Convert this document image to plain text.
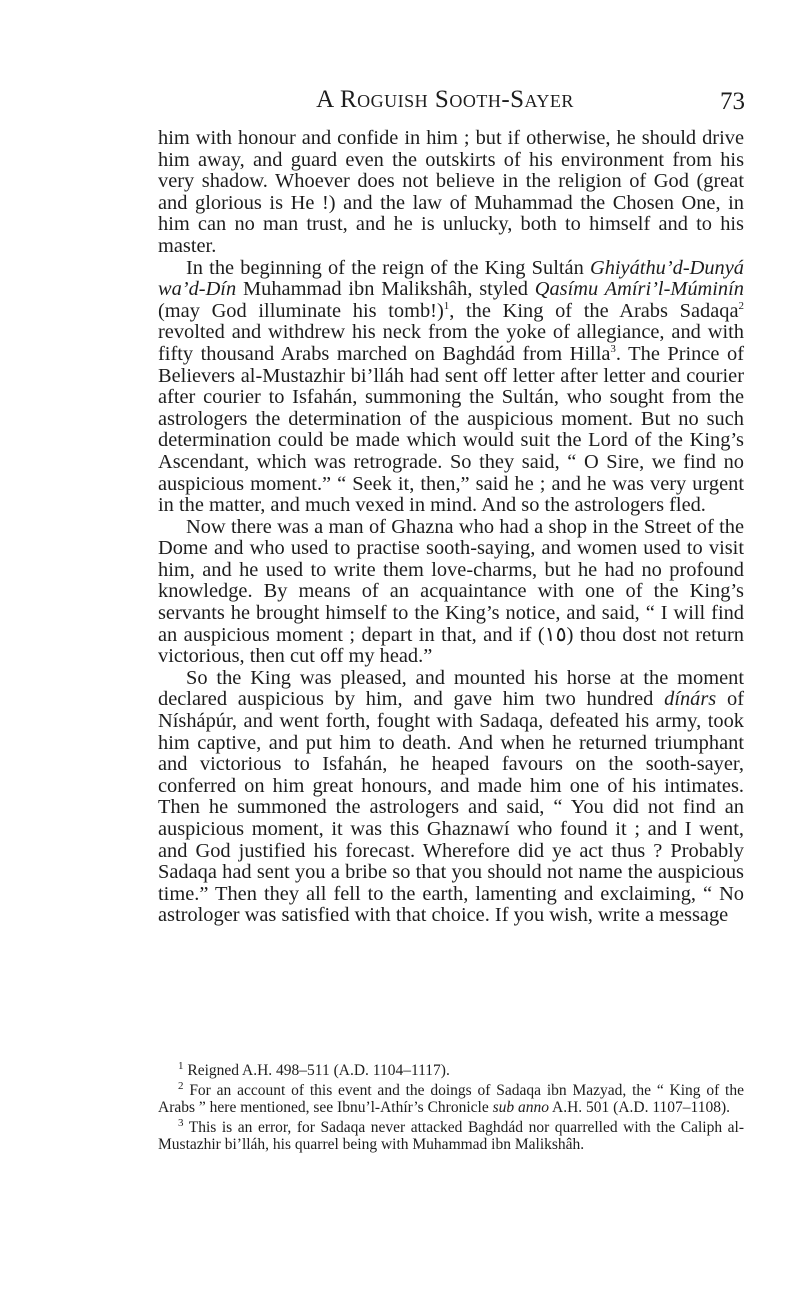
A Roguish Sooth-Sayer	73

him with honour and confide in him ; but if otherwise, he should drive him away, and guard even the outskirts of his environment from his very shadow. Whoever does not believe in the religion of God (great and glorious is He !) and the law of Muhammad the Chosen One, in him can no man trust, and he is unlucky, both to himself and to his master.

In the beginning of the reign of the King Sultán Ghiyáthu’d-Dunyá wa’d-Dín Muhammad ibn Malikshâh, styled Qasímu Amíri’l-Múminín (may God illuminate his tomb!)$^1$, the King of the Arabs Sadaqa$^2$ revolted and withdrew his neck from the yoke of allegiance, and with fifty thousand Arabs marched on Baghdád from Hilla$^3$. The Prince of Believers al-Mustazhir bi’lláh had sent off letter after letter and courier after courier to Isfahán, summoning the Sultán, who sought from the astrologers the determination of the auspicious moment. But no such determination could be made which would suit the Lord of the King’s Ascendant, which was retrograde. So they said, “ O Sire, we find no auspicious moment.” “ Seek it, then,” said he ; and he was very urgent in the matter, and much vexed in mind. And so the astrologers fled.

Now there was a man of Ghazna who had a shop in the Street of the Dome and who used to practise sooth-saying, and women used to visit him, and he used to write them love-charms, but he had no profound knowledge. By means of an acquaintance with one of the King’s servants he brought himself to the King’s notice, and said, “ I will find an auspicious moment ; depart in that, and if (١٥) thou dost not return victorious, then cut off my head.”

So the King was pleased, and mounted his horse at the moment declared auspicious by him, and gave him two hundred dínárs of Níshápúr, and went forth, fought with Sadaqa, defeated his army, took him captive, and put him to death. And when he returned triumphant and victorious to Isfahán, he heaped favours on the sooth-sayer, conferred on him great honours, and made him one of his intimates. Then he summoned the astrologers and said, “ You did not find an auspicious moment, it was this Ghaznawí who found it ; and I went, and God justified his forecast. Wherefore did ye act thus ? Probably Sadaqa had sent you a bribe so that you should not name the auspicious time.” Then they all fell to the earth, lamenting and exclaiming, “ No astrologer was satisfied with that choice. If you wish, write a message

$^1$ Reigned A.H. 498–511 (A.D. 1104–1117).

$^2$ For an account of this event and the doings of Sadaqa ibn Mazyad, the “ King of the Arabs ” here mentioned, see Ibnu’l-Athír’s Chronicle sub anno A.H. 501 (A.D. 1107–1108).

$^3$ This is an error, for Sadaqa never attacked Baghdád nor quarrelled with the Caliph al-Mustazhir bi’lláh, his quarrel being with Muhammad ibn Malikshâh.
